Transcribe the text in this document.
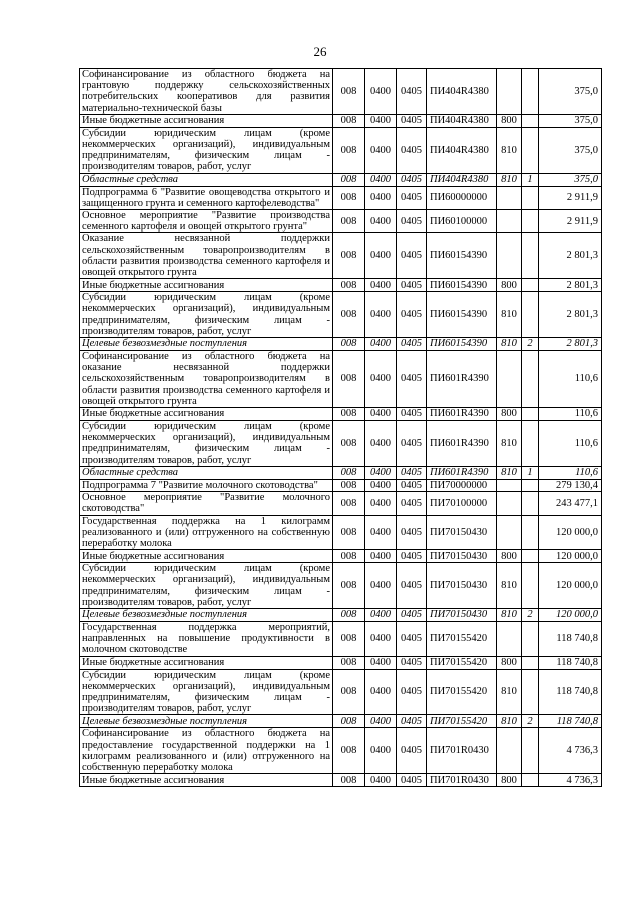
26
Софинансирование из областного бюджета на грантовую поддержку сельскохозяйственных потребительских кооперативов для развития материально-технической базы	008	0400	0405	ПИ404R4380			375,0
Иные бюджетные ассигнования	008	0400	0405	ПИ404R4380	800		375,0
Субсидии юридическим лицам (кроме некоммерческих организаций), индивидуальным предпринимателям, физическим лицам - производителям товаров, работ, услуг	008	0400	0405	ПИ404R4380	810		375,0
Областные средства	008	0400	0405	ПИ404R4380	810	1	375,0
Подпрограмма 6 "Развитие овощеводства открытого и защищенного грунта и семенного картофелеводства"	008	0400	0405	ПИ60000000			2 911,9
Основное мероприятие "Развитие производства семенного картофеля и овощей открытого грунта"	008	0400	0405	ПИ60100000			2 911,9
Оказание несвязанной поддержки сельскохозяйственным товаропроизводителям в области развития производства семенного картофеля и овощей открытого грунта	008	0400	0405	ПИ60154390			2 801,3
Иные бюджетные ассигнования	008	0400	0405	ПИ60154390	800		2 801,3
Субсидии юридическим лицам (кроме некоммерческих организаций), индивидуальным предпринимателям, физическим лицам - производителям товаров, работ, услуг	008	0400	0405	ПИ60154390	810		2 801,3
Целевые безвозмездные поступления	008	0400	0405	ПИ60154390	810	2	2 801,3
Софинансирование из областного бюджета на оказание несвязанной поддержки сельскохозяйственным товаропроизводителям в области развития производства семенного картофеля и овощей открытого грунта	008	0400	0405	ПИ601R4390			110,6
Иные бюджетные ассигнования	008	0400	0405	ПИ601R4390	800		110,6
Субсидии юридическим лицам (кроме некоммерческих организаций), индивидуальным предпринимателям, физическим лицам - производителям товаров, работ, услуг	008	0400	0405	ПИ601R4390	810		110,6
Областные средства	008	0400	0405	ПИ601R4390	810	1	110,6
Подпрограмма 7 "Развитие молочного скотоводства"	008	0400	0405	ПИ70000000			279 130,4
Основное мероприятие "Развитие молочного скотоводства"	008	0400	0405	ПИ70100000			243 477,1
Государственная поддержка на 1 килограмм реализованного и (или) отгруженного на собственную переработку молока	008	0400	0405	ПИ70150430			120 000,0
Иные бюджетные ассигнования	008	0400	0405	ПИ70150430	800		120 000,0
Субсидии юридическим лицам (кроме некоммерческих организаций), индивидуальным предпринимателям, физическим лицам - производителям товаров, работ, услуг	008	0400	0405	ПИ70150430	810		120 000,0
Целевые безвозмездные поступления	008	0400	0405	ПИ70150430	810	2	120 000,0
Государственная поддержка мероприятий, направленных на повышение продуктивности в молочном скотоводстве	008	0400	0405	ПИ70155420			118 740,8
Иные бюджетные ассигнования	008	0400	0405	ПИ70155420	800		118 740,8
Субсидии юридическим лицам (кроме некоммерческих организаций), индивидуальным предпринимателям, физическим лицам - производителям товаров, работ, услуг	008	0400	0405	ПИ70155420	810		118 740,8
Целевые безвозмездные поступления	008	0400	0405	ПИ70155420	810	2	118 740,8
Софинансирование из областного бюджета на предоставление государственной поддержки на 1 килограмм реализованного и (или) отгруженного на собственную переработку молока	008	0400	0405	ПИ701R0430			4 736,3
Иные бюджетные ассигнования	008	0400	0405	ПИ701R0430	800		4 736,3
